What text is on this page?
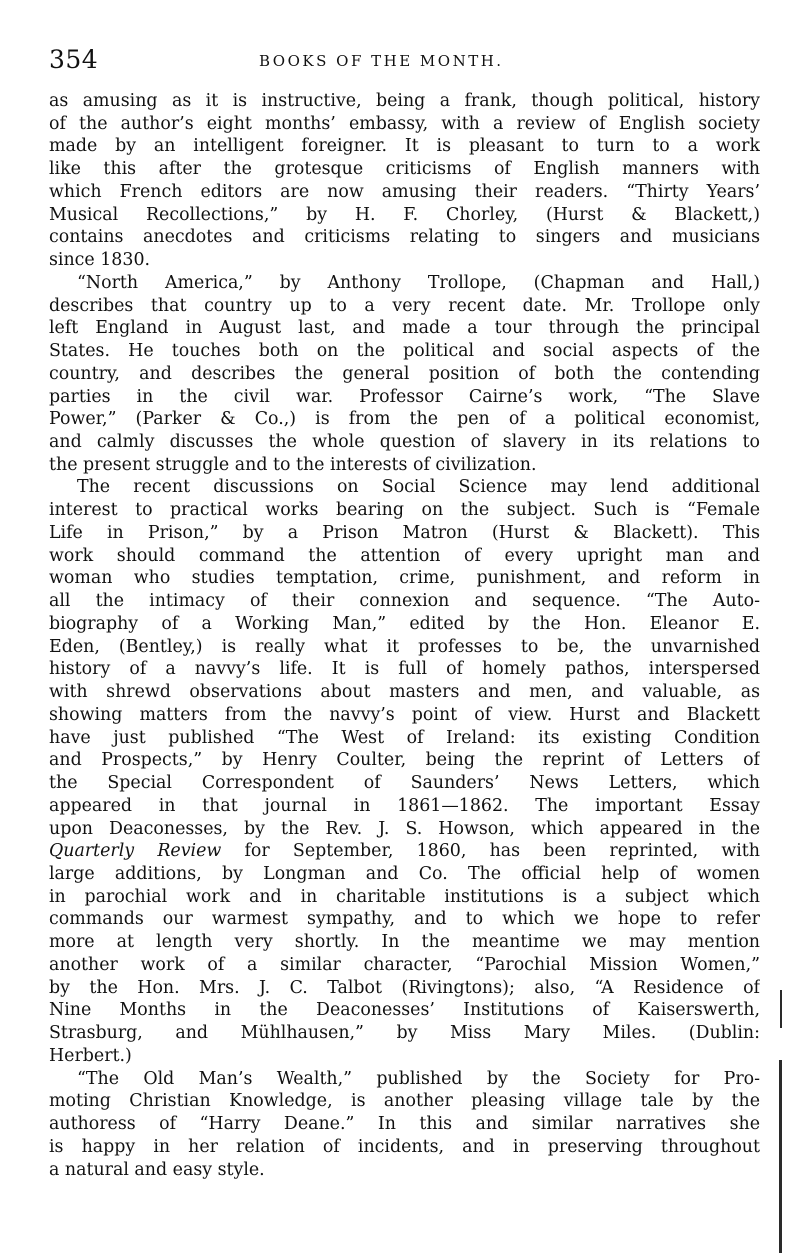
354	BOOKS OF THE MONTH.
as amusing as it is instructive, being a frank, though political, history
of the author’s eight months’ embassy, with a review of English society
made by an intelligent foreigner. It is pleasant to turn to a work
like this after the grotesque criticisms of English manners with
which French editors are now amusing their readers. “Thirty Years’
Musical Recollections,” by H. F. Chorley, (Hurst & Blackett,)
contains anecdotes and criticisms relating to singers and musicians
since 1830.
“North America,” by Anthony Trollope, (Chapman and Hall,)
describes that country up to a very recent date. Mr. Trollope only
left England in August last, and made a tour through the principal
States. He touches both on the political and social aspects of the
country, and describes the general position of both the contending
parties in the civil war. Professor Cairne’s work, “The Slave
Power,” (Parker & Co.,) is from the pen of a political economist,
and calmly discusses the whole question of slavery in its relations to
the present struggle and to the interests of civilization.
The recent discussions on Social Science may lend additional
interest to practical works bearing on the subject. Such is “Female
Life in Prison,” by a Prison Matron (Hurst & Blackett). This
work should command the attention of every upright man and
woman who studies temptation, crime, punishment, and reform in
all the intimacy of their connexion and sequence. “The Auto-
biography of a Working Man,” edited by the Hon. Eleanor E.
Eden, (Bentley,) is really what it professes to be, the unvarnished
history of a navvy’s life. It is full of homely pathos, interspersed
with shrewd observations about masters and men, and valuable, as
showing matters from the navvy’s point of view. Hurst and Blackett
have just published “The West of Ireland: its existing Condition
and Prospects,” by Henry Coulter, being the reprint of Letters of
the Special Correspondent of Saunders’ News Letters, which
appeared in that journal in 1861—1862. The important Essay
upon Deaconesses, by the Rev. J. S. Howson, which appeared in the
Quarterly Review for September, 1860, has been reprinted, with
large additions, by Longman and Co. The official help of women
in parochial work and in charitable institutions is a subject which
commands our warmest sympathy, and to which we hope to refer
more at length very shortly. In the meantime we may mention
another work of a similar character, “Parochial Mission Women,”
by the Hon. Mrs. J. C. Talbot (Rivingtons); also, “A Residence of
Nine Months in the Deaconesses’ Institutions of Kaiserswerth,
Strasburg, and Mühlhausen,” by Miss Mary Miles. (Dublin:
Herbert.)
“The Old Man’s Wealth,” published by the Society for Pro-
moting Christian Knowledge, is another pleasing village tale by the
authoress of “Harry Deane.” In this and similar narratives she
is happy in her relation of incidents, and in preserving throughout
a natural and easy style.
